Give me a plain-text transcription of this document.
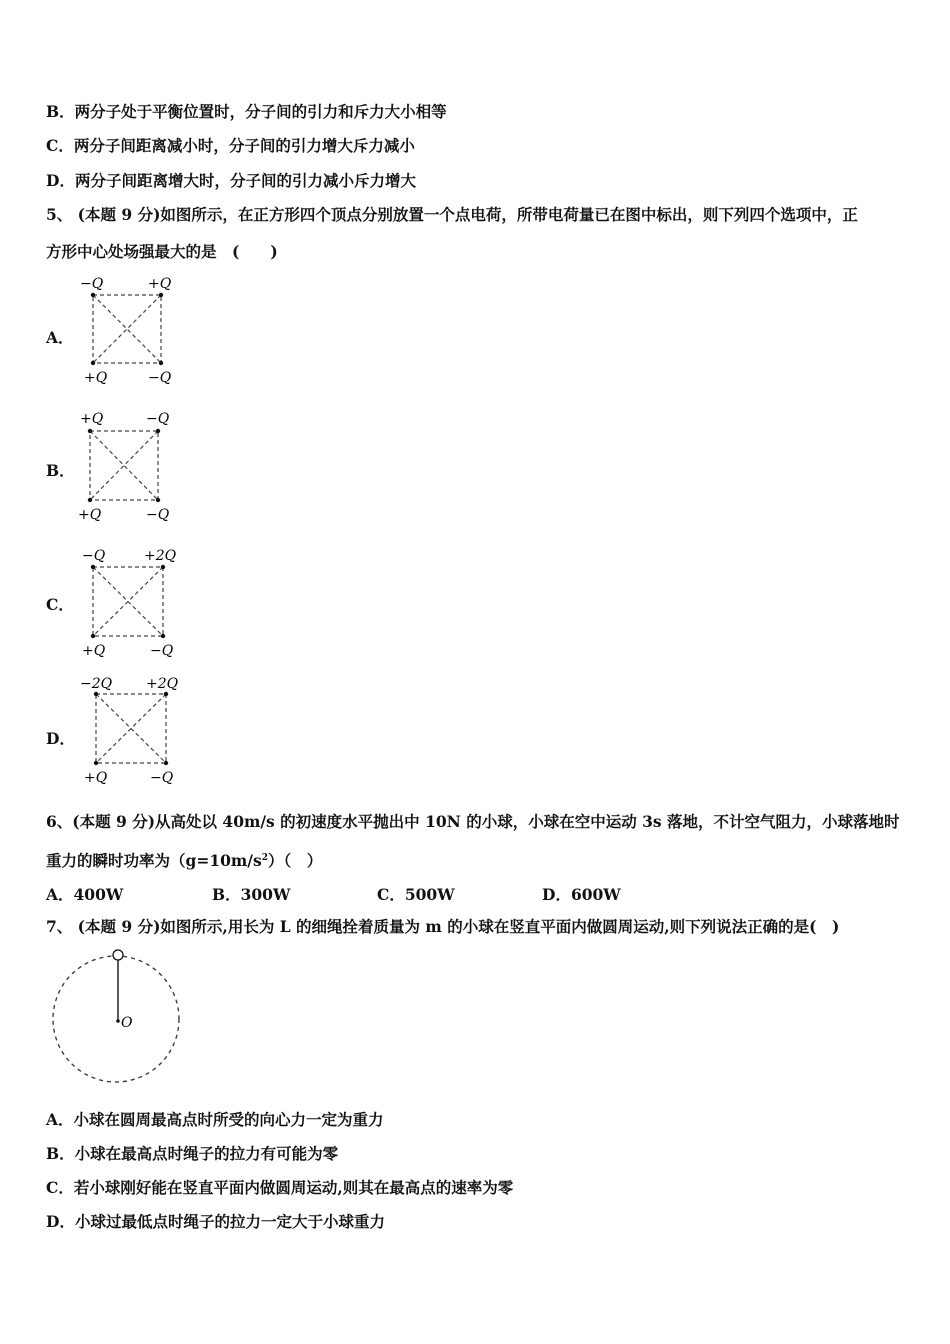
B．两分子处于平衡位置时，分子间的引力和斥力大小相等
C．两分子间距离减小时，分子间的引力增大斥力减小
D．两分子间距离增大时，分子间的引力减小斥力增大
5、 (本题 9 分)如图所示，在正方形四个顶点分别放置一个点电荷，所带电荷量已在图中标出，则下列四个选项中，正
方形中心处场强最大的是　(　　)
A．
−Q	+Q
+Q	−Q
B．
+Q	−Q
+Q	−Q
C．
−Q	+2Q
+Q	−Q
D．
−2Q +2Q
+Q	−Q
6、(本题 9 分)从高处以 40m/s 的初速度水平抛出中 10N 的小球，小球在空中运动 3s 落地，不计空气阻力，小球落地时
重力的瞬时功率为$(g=10m/s^2)$（　）
A．400W	B．300W	C．500W	D．600W
7、 (本题 9 分)如图所示,用长为 L 的细绳拴着质量为 m 的小球在竖直平面内做圆周运动,则下列说法正确的是(　)
O
A．小球在圆周最高点时所受的向心力一定为重力
B．小球在最高点时绳子的拉力有可能为零
C．若小球刚好能在竖直平面内做圆周运动,则其在最高点的速率为零
D．小球过最低点时绳子的拉力一定大于小球重力
